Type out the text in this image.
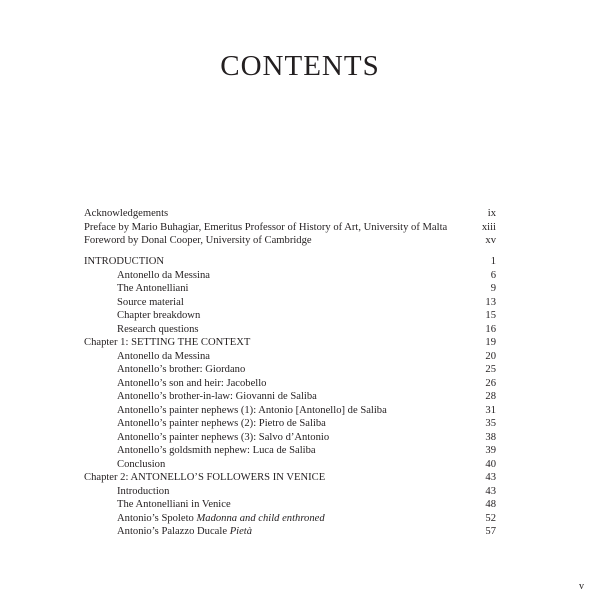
CONTENTS
Acknowledgements	ix
Preface by Mario Buhagiar, Emeritus Professor of History of Art, University of Malta	xiii
Foreword by Donal Cooper, University of Cambridge	xv
INTRODUCTION	1
Antonello da Messina	6
The Antonelliani	9
Source material	13
Chapter breakdown	15
Research questions	16
Chapter 1: SETTING THE CONTEXT	19
Antonello da Messina	20
Antonello’s brother: Giordano	25
Antonello’s son and heir: Jacobello	26
Antonello’s brother-in-law: Giovanni de Saliba	28
Antonello’s painter nephews (1): Antonio [Antonello] de Saliba	31
Antonello’s painter nephews (2): Pietro de Saliba	35
Antonello’s painter nephews (3): Salvo d’Antonio	38
Antonello’s goldsmith nephew: Luca de Saliba	39
Conclusion	40
Chapter 2: ANTONELLO’S FOLLOWERS IN VENICE	43
Introduction	43
The Antonelliani in Venice	48
Antonio’s Spoleto Madonna and child enthroned	52
Antonio’s Palazzo Ducale Pietà	57
v
